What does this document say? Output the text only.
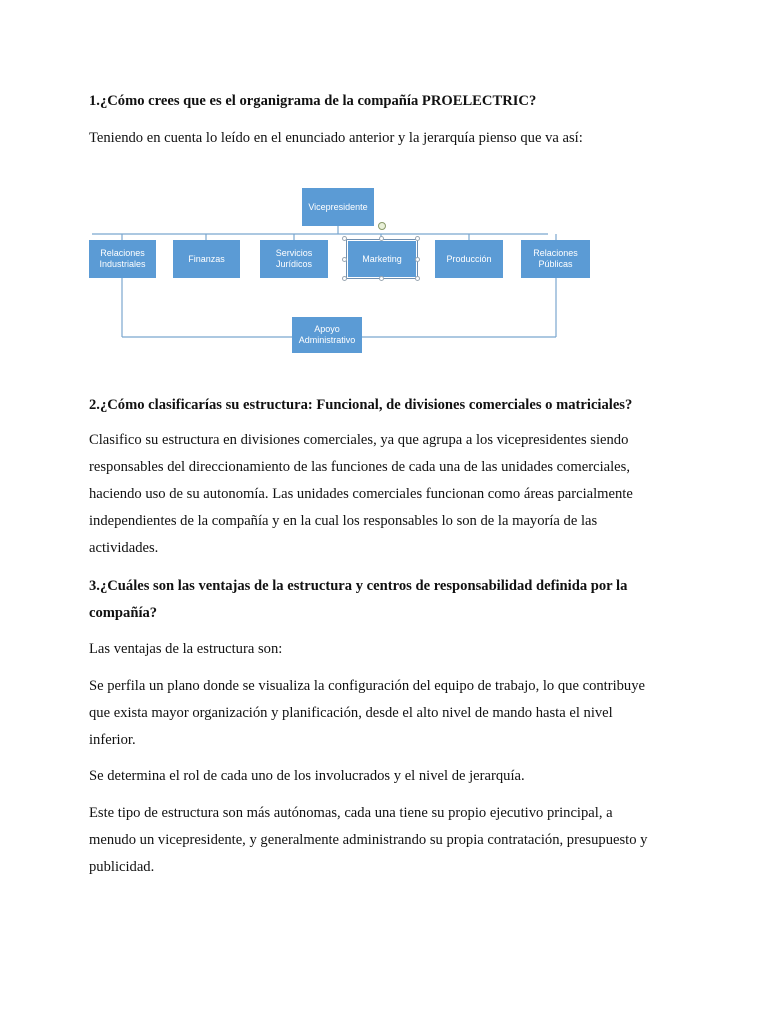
1.¿Cómo crees que es el organigrama de la compañía PROELECTRIC?

Teniendo en cuenta lo leído en el enunciado anterior y la jerarquía pienso que va así:

Vicepresidente
Relaciones Industriales
Finanzas
Servicios Jurídicos
Marketing	Producción
Relaciones Públicas
Apoyo Administrativo

2.¿Cómo clasificarías su estructura: Funcional, de divisiones comerciales o matriciales?

Clasifico su estructura en divisiones comerciales, ya que agrupa a los vicepresidentes siendo

responsables del direccionamiento de las funciones de cada una de las unidades comerciales,

haciendo uso de su autonomía. Las unidades comerciales funcionan como áreas parcialmente

independientes de la compañía y en la cual los responsables lo son de la mayoría de las

actividades.

3.¿Cuáles son las ventajas de la estructura y centros de responsabilidad definida por la

compañía?

Las ventajas de la estructura son:

Se perfila un plano donde se visualiza la configuración del equipo de trabajo, lo que contribuye

que exista mayor organización y planificación, desde el alto nivel de mando hasta el nivel

inferior.

Se determina el rol de cada uno de los involucrados y el nivel de jerarquía.

Este tipo de estructura son más autónomas, cada una tiene su propio ejecutivo principal, a

menudo un vicepresidente, y generalmente administrando su propia contratación, presupuesto y

publicidad.
